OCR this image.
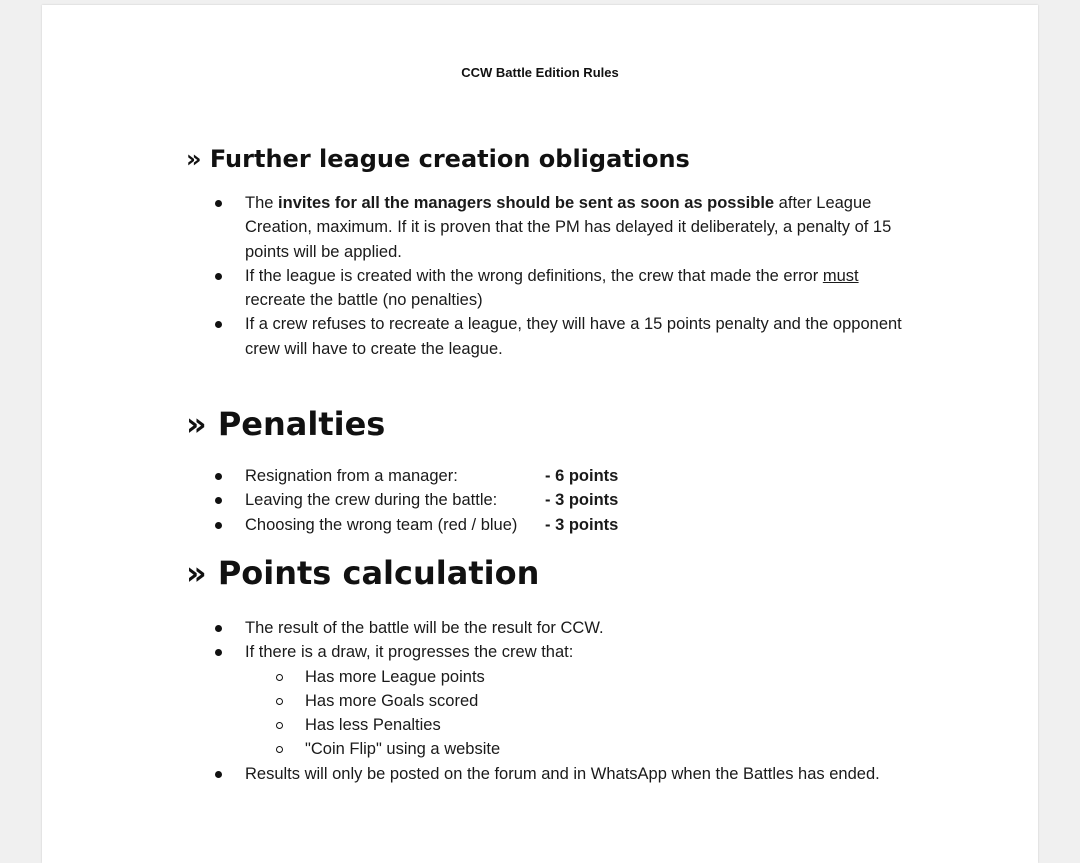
CCW Battle Edition Rules
» Further league creation obligations
The invites for all the managers should be sent as soon as possible after League Creation, maximum. If it is proven that the PM has delayed it deliberately, a penalty of 15 points will be applied.
If the league is created with the wrong definitions, the crew that made the error must recreate the battle (no penalties)
If a crew refuses to recreate a league, they will have a 15 points penalty and the opponent crew will have to create the league.
» Penalties
Resignation from a manager:	- 6 points
Leaving the crew during the battle:	- 3 points
Choosing the wrong team (red / blue) - 3 points
» Points calculation
The result of the battle will be the result for CCW.
If there is a draw, it progresses the crew that:
Has more League points
Has more Goals scored
Has less Penalties
"Coin Flip" using a website
Results will only be posted on the forum and in WhatsApp when the Battles has ended.
